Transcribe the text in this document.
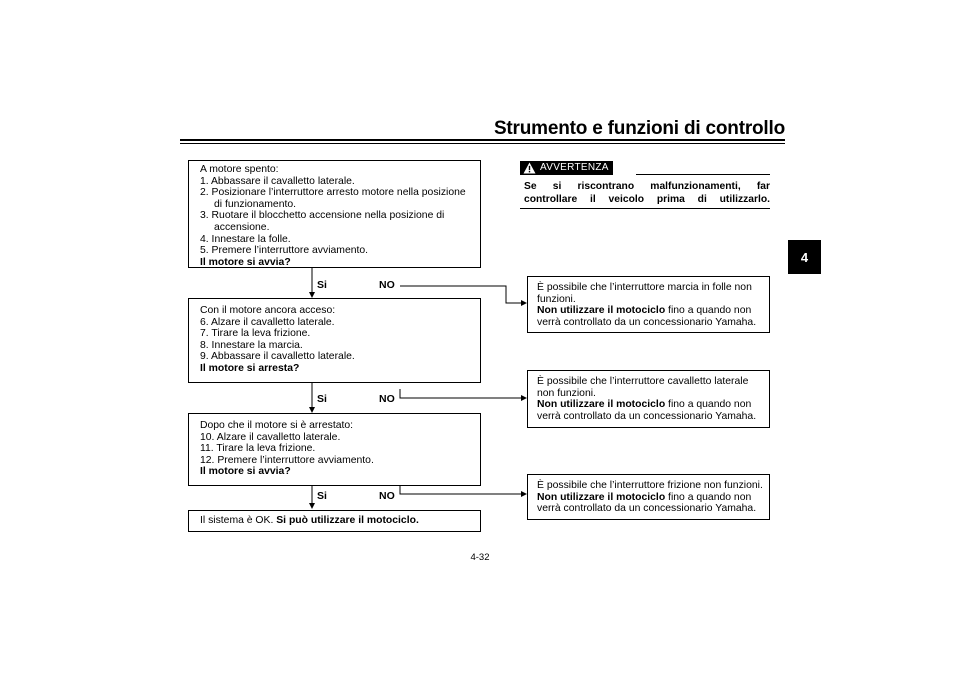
Strumento e funzioni di controllo
4
A motore spento:
1. Abbassare il cavalletto laterale.
2. Posizionare l’interruttore arresto motore nella posizione
di funzionamento.
3. Ruotare il blocchetto accensione nella posizione di
accensione.
4. Innestare la folle.
5. Premere l’interruttore avviamento.
Il motore si avvia?
Si	NO
Con il motore ancora acceso:
6. Alzare il cavalletto laterale.
7. Tirare la leva frizione.
8. Innestare la marcia.
9. Abbassare il cavalletto laterale.
Il motore si arresta?
Si	NO
Dopo che il motore si è arrestato:
10. Alzare il cavalletto laterale.
11. Tirare la leva frizione.
12. Premere l’interruttore avviamento.
Il motore si avvia?
Si	NO
Il sistema è OK. Si può utilizzare il motociclo.
AVVERTENZA
Se si riscontrano malfunzionamenti, far
controllare il veicolo prima di utilizzarlo.
È possibile che l’interruttore marcia in folle non
funzioni.
Non utilizzare il motociclo fino a quando non
verrà controllato da un concessionario Yamaha.
È possibile che l’interruttore cavalletto laterale
non funzioni.
Non utilizzare il motociclo fino a quando non
verrà controllato da un concessionario Yamaha.
È possibile che l’interruttore frizione non funzioni.
Non utilizzare il motociclo fino a quando non
verrà controllato da un concessionario Yamaha.
4-32
